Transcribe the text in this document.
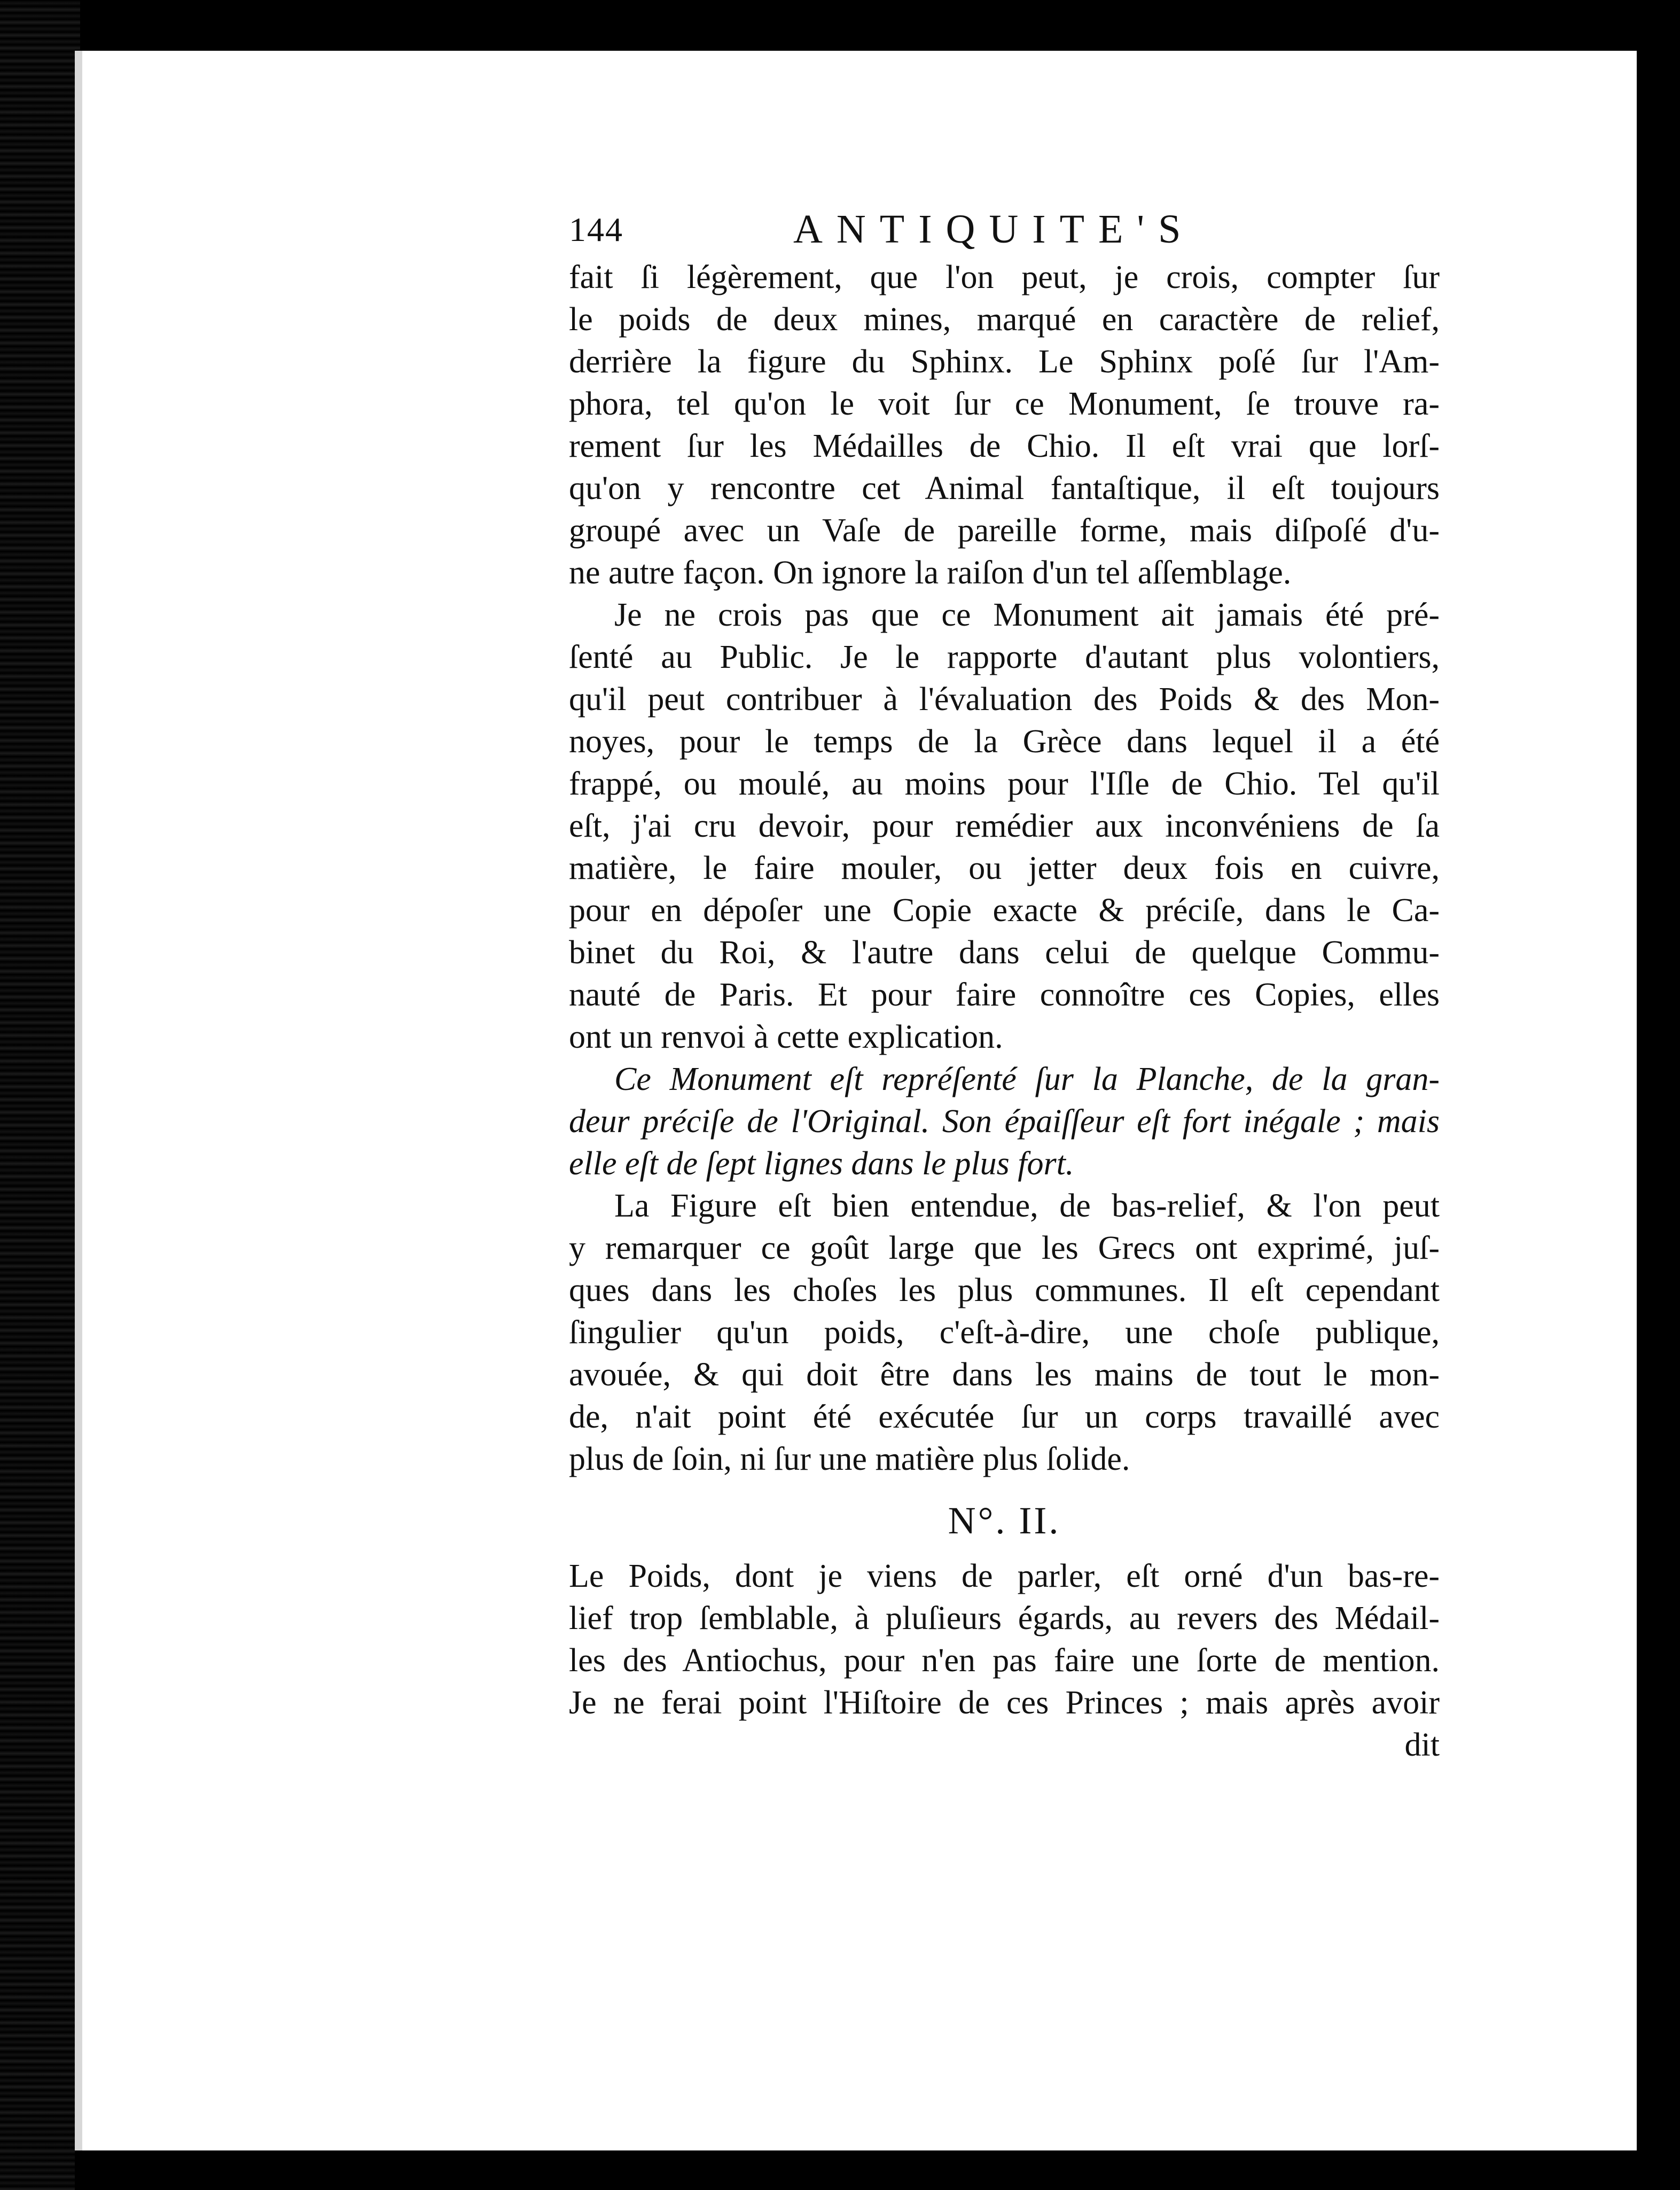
144	ANTIQUITE'S
fait ſi légèrement, que l'on peut, je crois, compter ſur
le poids de deux mines, marqué en caractère de relief,
derrière la figure du Sphinx. Le Sphinx poſé ſur l'Am-
phora, tel qu'on le voit ſur ce Monument, ſe trouve ra-
rement ſur les Médailles de Chio. Il eſt vrai que lorſ-
qu'on y rencontre cet Animal fantaſtique, il eſt toujours
groupé avec un Vaſe de pareille forme, mais diſpoſé d'u-
ne autre façon. On ignore la raiſon d'un tel aſſemblage.
Je ne crois pas que ce Monument ait jamais été pré-
ſenté au Public. Je le rapporte d'autant plus volontiers,
qu'il peut contribuer à l'évaluation des Poids & des Mon-
noyes, pour le temps de la Grèce dans lequel il a été
frappé, ou moulé, au moins pour l'Iſle de Chio. Tel qu'il
eſt, j'ai cru devoir, pour remédier aux inconvéniens de ſa
matière, le faire mouler, ou jetter deux fois en cuivre,
pour en dépoſer une Copie exacte & préciſe, dans le Ca-
binet du Roi, & l'autre dans celui de quelque Commu-
nauté de Paris. Et pour faire connoître ces Copies, elles
ont un renvoi à cette explication.
Ce Monument eſt repréſenté ſur la Planche, de la gran-
deur préciſe de l'Original. Son épaiſſeur eſt fort inégale ; mais
elle eſt de ſept lignes dans le plus fort.
La Figure eſt bien entendue, de bas-relief, & l'on peut
y remarquer ce goût large que les Grecs ont exprimé, juſ-
ques dans les choſes les plus communes. Il eſt cependant
ſingulier qu'un poids, c'eſt-à-dire, une choſe publique,
avouée, & qui doit être dans les mains de tout le mon-
de, n'ait point été exécutée ſur un corps travaillé avec
plus de ſoin, ni ſur une matière plus ſolide.
N°. II.
Le Poids, dont je viens de parler, eſt orné d'un bas-re-
lief trop ſemblable, à pluſieurs égards, au revers des Médail-
les des Antiochus, pour n'en pas faire une ſorte de mention.
Je ne ferai point l'Hiſtoire de ces Princes ; mais après avoir
dit
